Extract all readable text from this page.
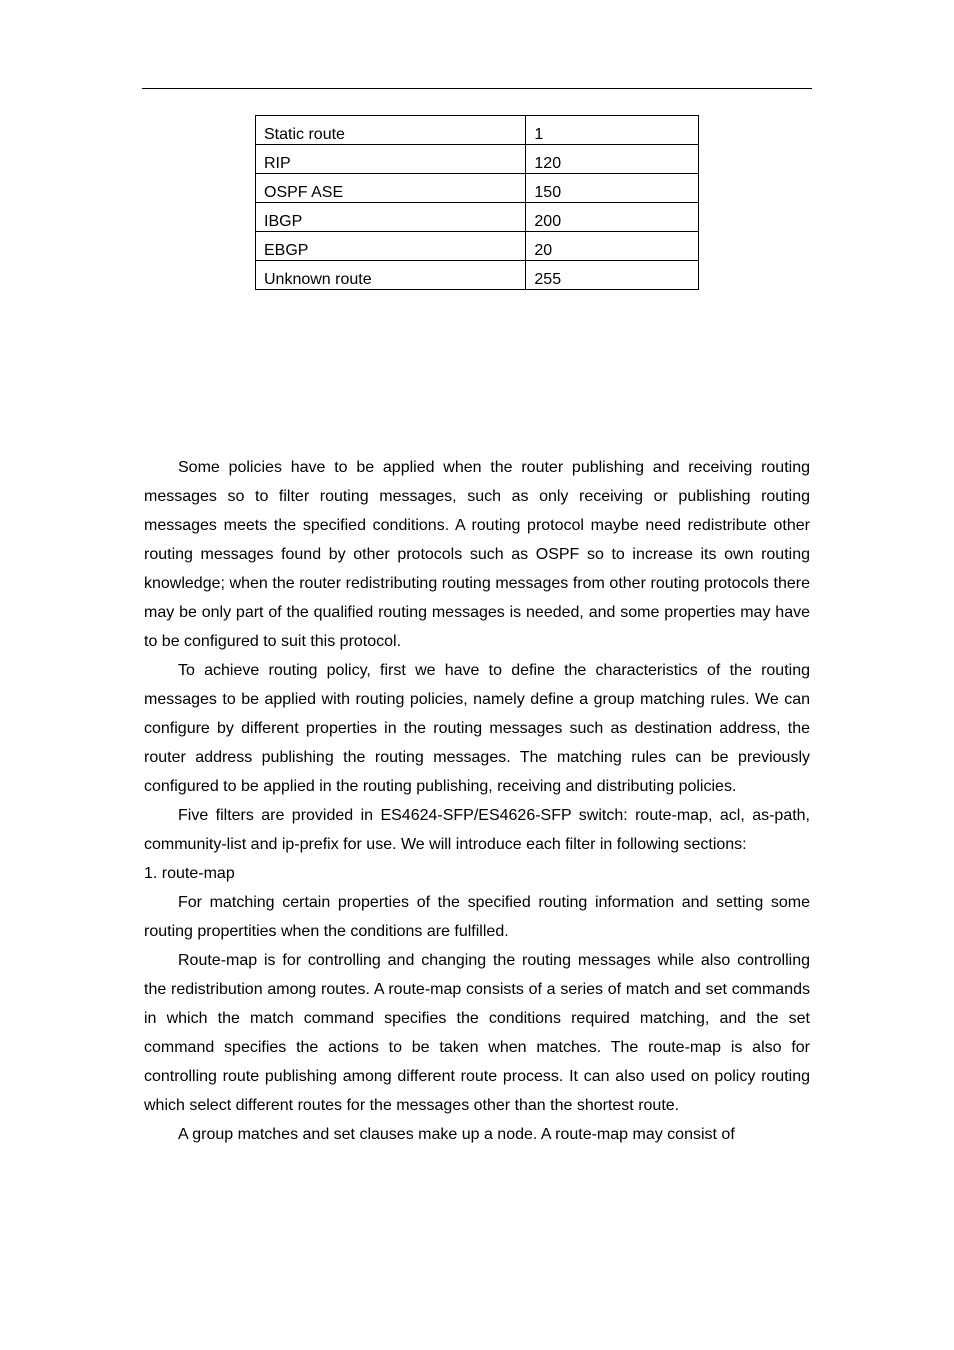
Static route	1
RIP	120
OSPF ASE	150
IBGP	200
EBGP	20
Unknown route	255

Some policies have to be applied when the router publishing and receiving routing messages so to filter routing messages, such as only receiving or publishing routing messages meets the specified conditions. A routing protocol maybe need redistribute other routing messages found by other protocols such as OSPF so to increase its own routing knowledge; when the router redistributing routing messages from other routing protocols there may be only part of the qualified routing messages is needed, and some properties may have to be configured to suit this protocol.

To achieve routing policy, first we have to define the characteristics of the routing messages to be applied with routing policies, namely define a group matching rules. We can configure by different properties in the routing messages such as destination address, the router address publishing the routing messages. The matching rules can be previously configured to be applied in the routing publishing, receiving and distributing policies.

Five filters are provided in ES4624-SFP/ES4626-SFP switch: route-map, acl, as-path, community-list and ip-prefix for use. We will introduce each filter in following sections:

1. route-map

For matching certain properties of the specified routing information and setting some routing propertities when the conditions are fulfilled.

Route-map is for controlling and changing the routing messages while also controlling the redistribution among routes. A route-map consists of a series of match and set commands in which the match command specifies the conditions required matching, and the set command specifies the actions to be taken when matches. The route-map is also for controlling route publishing among different route process. It can also used on policy routing which select different routes for the messages other than the shortest route.

A group matches and set clauses make up a node. A route-map may consist of
